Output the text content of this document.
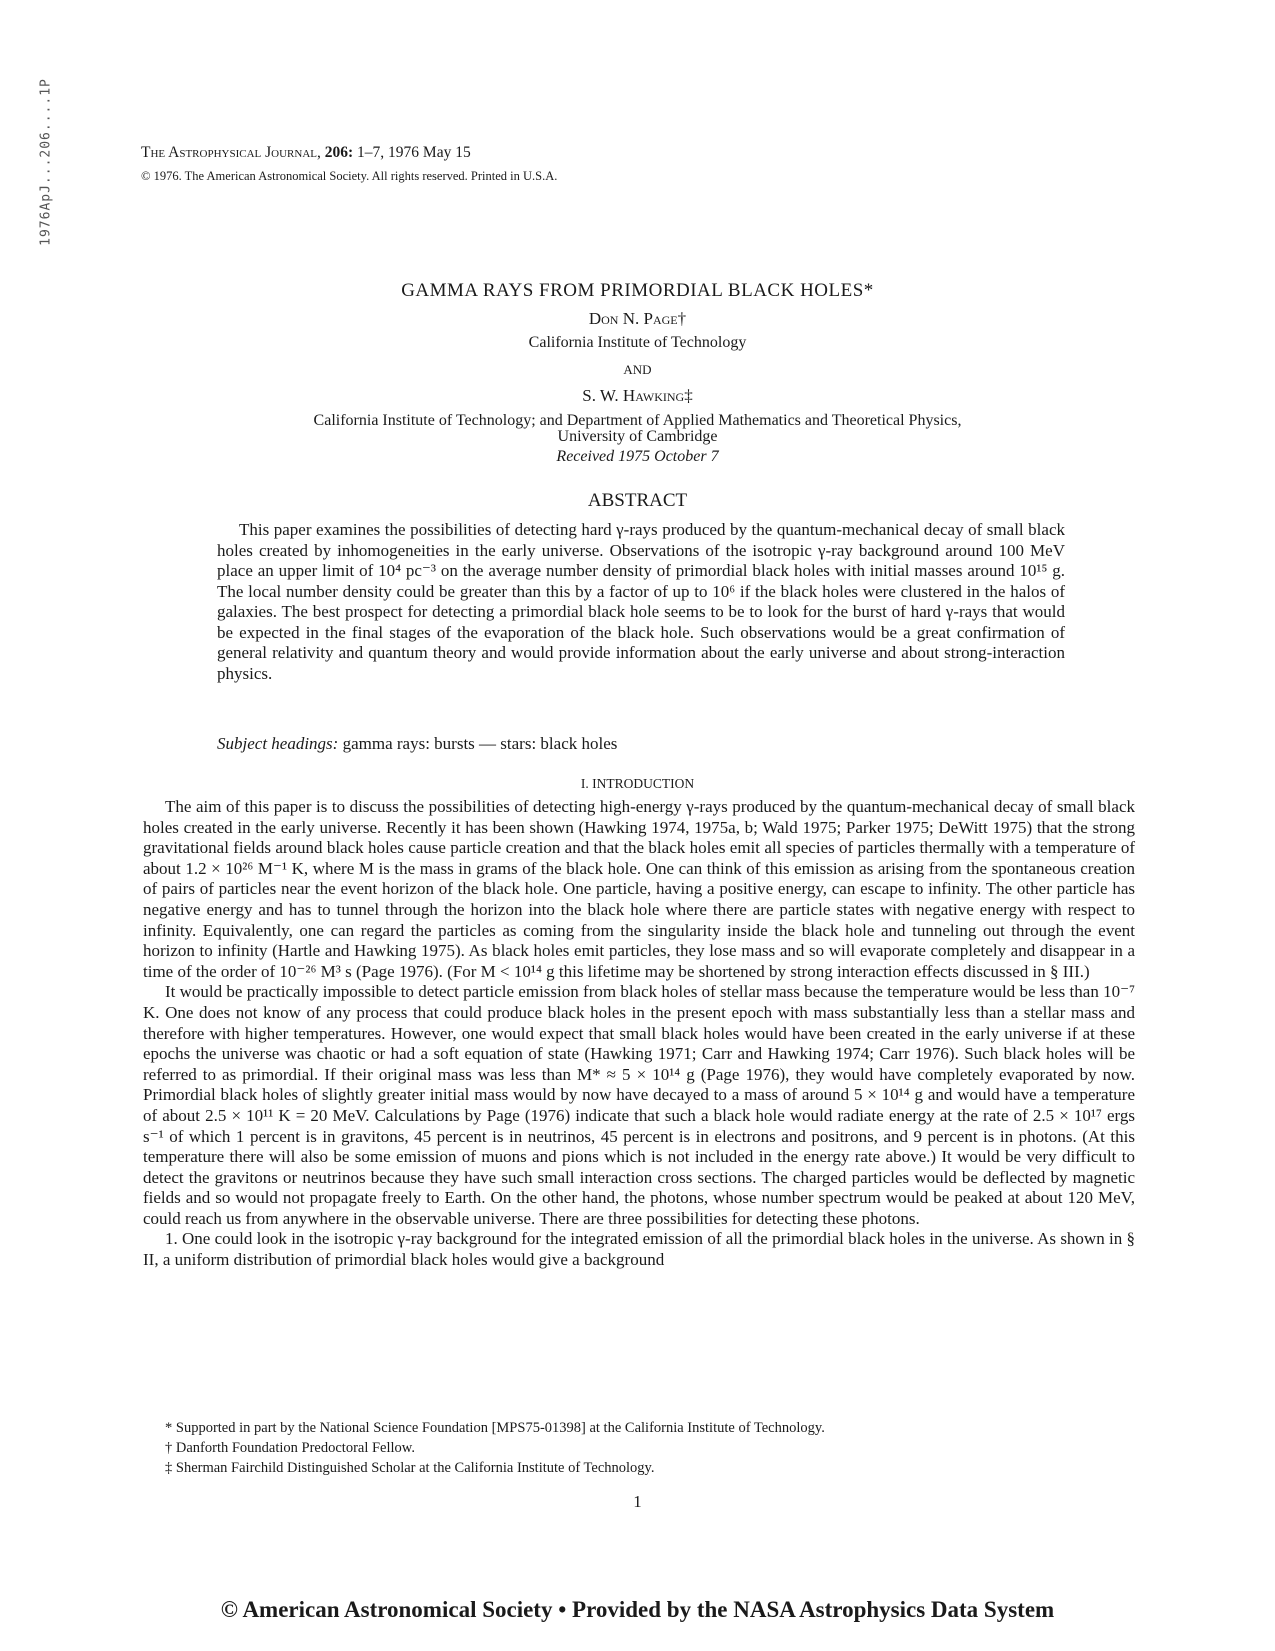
1976ApJ...206....1P	The Astrophysical Journal, 206: 1–7, 1976 May 15
© 1976. The American Astronomical Society. All rights reserved. Printed in U.S.A.
GAMMA RAYS FROM PRIMORDIAL BLACK HOLES*
Don N. Page†
California Institute of Technology
AND
S. W. Hawking‡
California Institute of Technology; and Department of Applied Mathematics and Theoretical Physics,
University of Cambridge
Received 1975 October 7
ABSTRACT

This paper examines the possibilities of detecting hard γ-rays produced by the quantum-mechanical decay of small black holes created by inhomogeneities in the early universe. Observations of the isotropic γ-ray background around 100 MeV place an upper limit of 10⁴ pc⁻³ on the average number density of primordial black holes with initial masses around 10¹⁵ g. The local number density could be greater than this by a factor of up to 10⁶ if the black holes were clustered in the halos of galaxies. The best prospect for detecting a primordial black hole seems to be to look for the burst of hard γ-rays that would be expected in the final stages of the evaporation of the black hole. Such observations would be a great confirmation of general relativity and quantum theory and would provide information about the early universe and about strong-interaction physics.

Subject headings: gamma rays: bursts — stars: black holes
I. INTRODUCTION

The aim of this paper is to discuss the possibilities of detecting high-energy γ-rays produced by the quantum-mechanical decay of small black holes created in the early universe. Recently it has been shown (Hawking 1974, 1975a, b; Wald 1975; Parker 1975; DeWitt 1975) that the strong gravitational fields around black holes cause particle creation and that the black holes emit all species of particles thermally with a temperature of about 1.2 × 10²⁶ M⁻¹ K, where M is the mass in grams of the black hole. One can think of this emission as arising from the spontaneous creation of pairs of particles near the event horizon of the black hole. One particle, having a positive energy, can escape to infinity. The other particle has negative energy and has to tunnel through the horizon into the black hole where there are particle states with negative energy with respect to infinity. Equivalently, one can regard the particles as coming from the singularity inside the black hole and tunneling out through the event horizon to infinity (Hartle and Hawking 1975). As black holes emit particles, they lose mass and so will evaporate completely and disappear in a time of the order of 10⁻²⁶ M³ s (Page 1976). (For M < 10¹⁴ g this lifetime may be shortened by strong interaction effects discussed in § III.)

It would be practically impossible to detect particle emission from black holes of stellar mass because the temperature would be less than 10⁻⁷ K. One does not know of any process that could produce black holes in the present epoch with mass substantially less than a stellar mass and therefore with higher temperatures. However, one would expect that small black holes would have been created in the early universe if at these epochs the universe was chaotic or had a soft equation of state (Hawking 1971; Carr and Hawking 1974; Carr 1976). Such black holes will be referred to as primordial. If their original mass was less than M* ≈ 5 × 10¹⁴ g (Page 1976), they would have completely evaporated by now. Primordial black holes of slightly greater initial mass would by now have decayed to a mass of around 5 × 10¹⁴ g and would have a temperature of about 2.5 × 10¹¹ K = 20 MeV. Calculations by Page (1976) indicate that such a black hole would radiate energy at the rate of 2.5 × 10¹⁷ ergs s⁻¹ of which 1 percent is in gravitons, 45 percent is in neutrinos, 45 percent is in electrons and positrons, and 9 percent is in photons. (At this temperature there will also be some emission of muons and pions which is not included in the energy rate above.) It would be very difficult to detect the gravitons or neutrinos because they have such small interaction cross sections. The charged particles would be deflected by magnetic fields and so would not propagate freely to Earth. On the other hand, the photons, whose number spectrum would be peaked at about 120 MeV, could reach us from anywhere in the observable universe. There are three possibilities for detecting these photons.

1. One could look in the isotropic γ-ray background for the integrated emission of all the primordial black holes in the universe. As shown in § II, a uniform distribution of primordial black holes would give a background

* Supported in part by the National Science Foundation [MPS75-01398] at the California Institute of Technology.
† Danforth Foundation Predoctoral Fellow.
‡ Sherman Fairchild Distinguished Scholar at the California Institute of Technology.
1
© American Astronomical Society • Provided by the NASA Astrophysics Data System
